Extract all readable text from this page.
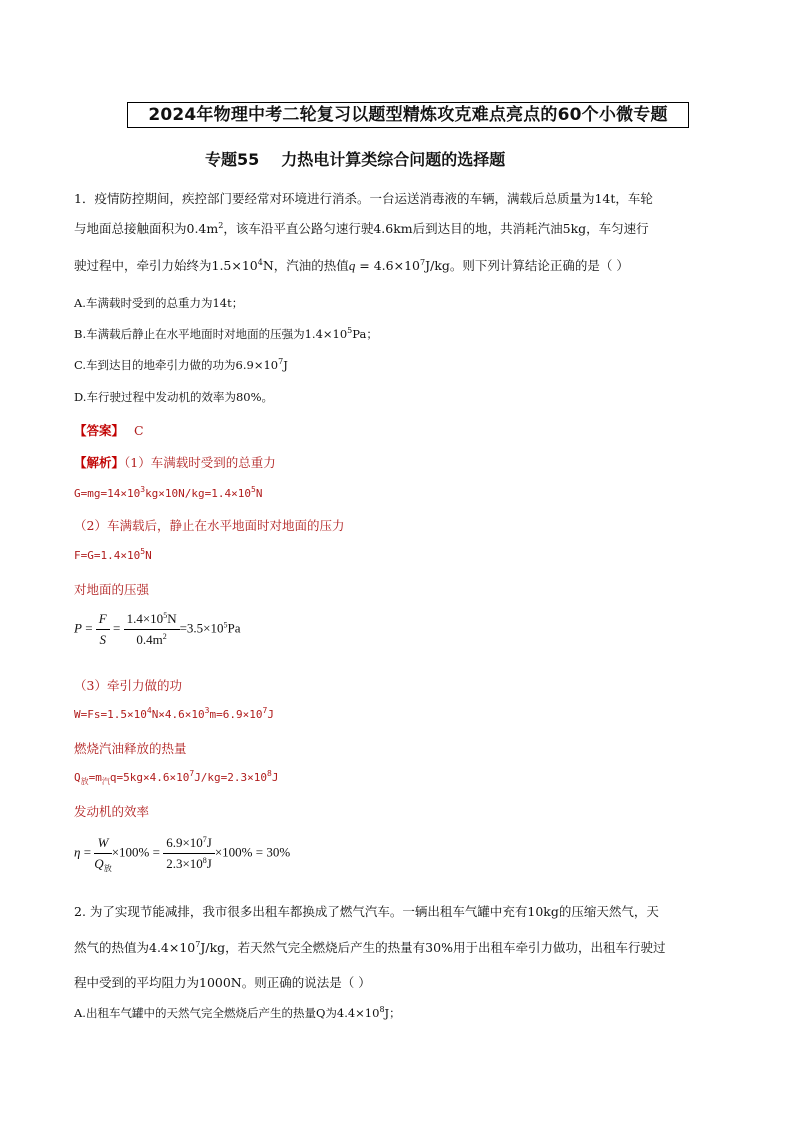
2024年物理中考二轮复习以题型精炼攻克难点亮点的60个小微专题
专题55 力热电计算类综合问题的选择题
1．疫情防控期间，疾控部门要经常对环境进行消杀。一台运送消毒液的车辆，满载后总质量为14t，车轮
与地面总接触面积为$0.4m^2$，该车沿平直公路匀速行驶4.6km后到达目的地，共消耗汽油5kg，车匀速行
驶过程中，牵引力始终为$1.5\times 10^4N$，汽油的热值$q = 4.6\times 10^7J/kg$。则下列计算结论正确的是（ ）
A.车满载时受到的总重力为14t；
B.车满载后静止在水平地面时对地面的压强为$1.4\times 10^5Pa$；
C.车到达目的地牵引力做的功为$6.9\times 10^7J$
D.车行驶过程中发动机的效率为80%。
【答案】 C
【解析】（1）车满载时受到的总重力
$G=mg=14\times 10^3kg\times 10N/kg=1.4\times 10^5N$
（2）车满载后，静止在水平地面时对地面的压力
$F=G=1.4\times 10^5N$
对地面的压强
$P = \frac{F}{S} = \frac{1.4\times 10^5N}{0.4m^2} =3.5\times 10^5Pa$
（3）牵引力做的功
$W=Fs=1.5\times 10^4N\times 4.6\times 10^3m=6.9\times 10^7J$
燃烧汽油释放的热量
$Q_放=m_汽q=5kg\times 4.6\times 10^7J/kg=2.3\times 10^8J$
发动机的效率
$\eta = \frac{W}{Q_放} \times 100\% = \frac{6.9\times 10^7J}{2.3\times 10^8J} \times 100\% = 30\%$
2. 为了实现节能减排，我市很多出租车都换成了燃气汽车。一辆出租车气罐中充有10kg的压缩天然气，天
然气的热值为$4.4\times 10^7J/kg$，若天然气完全燃烧后产生的热量有30%用于出租车牵引力做功，出租车行驶过
程中受到的平均阻力为1000N。则正确的说法是（ ）
A.出租车气罐中的天然气完全燃烧后产生的热量Q为$4.4\times 10^8J$；
